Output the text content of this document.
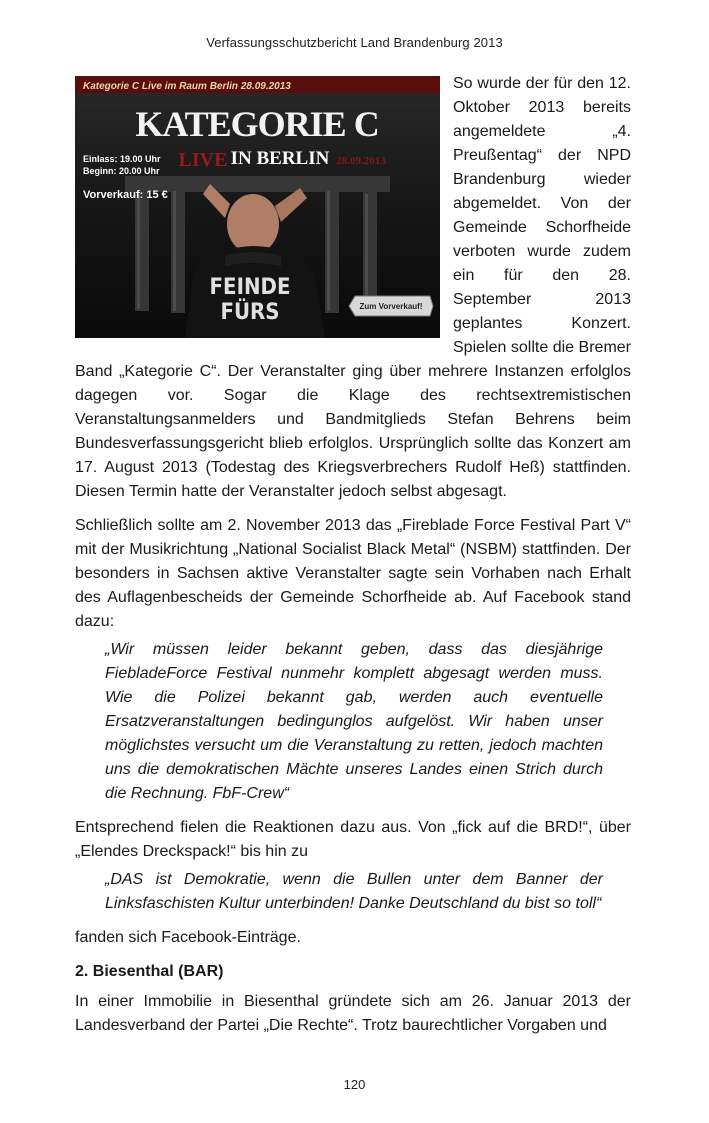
Verfassungsschutzbericht Land Brandenburg 2013
Kategorie C Live im Raum Berlin 28.09.2013
KATEGORIE C
LIVE IN BERLIN 28.09.2013
Einlass: 19.00 Uhr
Beginn: 20.00 Uhr
Vorverkauf: 15 €
FEINDE
FÜRS	Zum Vorverkauf!

So wurde der für den 12. Oktober 2013 bereits angemeldete „4. Preußentag“ der NPD Brandenburg wieder abgemeldet. Von der Gemeinde Schorfheide verboten wurde zudem ein für den 28. September 2013 geplantes Konzert. Spielen sollte die Bremer Band „Kategorie C“. Der Veranstalter ging über mehrere Instanzen erfolglos dagegen vor. Sogar die Klage des rechtsextremistischen Veranstaltungsanmelders und Bandmitglieds Stefan Behrens beim Bundesverfassungsgericht blieb erfolglos. Ursprünglich sollte das Konzert am 17. August 2013 (Todestag des Kriegsverbrechers Rudolf Heß) stattfinden. Diesen Termin hatte der Veranstalter jedoch selbst abgesagt.

Schließlich sollte am 2. November 2013 das „Fireblade Force Festival Part V“ mit der Musikrichtung „National Socialist Black Metal“ (NSBM) stattfinden. Der besonders in Sachsen aktive Veranstalter sagte sein Vorhaben nach Erhalt des Auflagenbescheids der Gemeinde Schorfheide ab. Auf Facebook stand dazu:

„Wir müssen leider bekannt geben, dass das diesjährige FiebladeForce Festival nunmehr komplett abgesagt werden muss. Wie die Polizei bekannt gab, werden auch eventuelle Ersatzveranstaltungen bedingunglos aufgelöst. Wir haben unser möglichstes versucht um die Veranstaltung zu retten, jedoch machten uns die demokratischen Mächte unseres Landes einen Strich durch die Rechnung. FbF-Crew“

Entsprechend fielen die Reaktionen dazu aus. Von „fick auf die BRD!“, über „Elendes Dreckspack!“ bis hin zu

„DAS ist Demokratie, wenn die Bullen unter dem Banner der Linksfaschisten Kultur unterbinden! Danke Deutschland du bist so toll“

fanden sich Facebook-Einträge.

2. Biesenthal (BAR)

In einer Immobilie in Biesenthal gründete sich am 26. Januar 2013 der Landesverband der Partei „Die Rechte“. Trotz baurechtlicher Vorgaben und

120
